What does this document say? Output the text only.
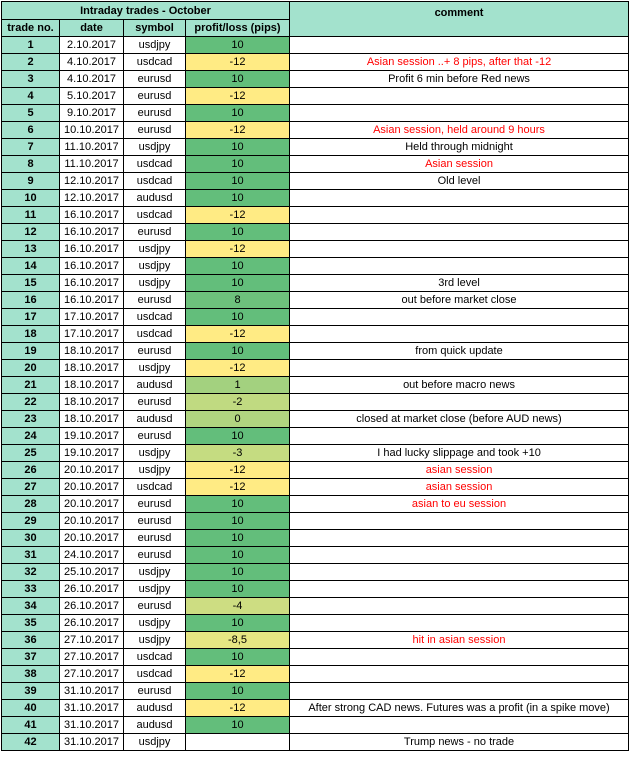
Intraday trades - October				comment
trade no.	date	symbol	profit/loss (pips)	
1	2.10.2017	usdjpy	10	
2	4.10.2017	usdcad	-12	Asian session ..+ 8 pips, after that -12
3	4.10.2017	eurusd	10	Profit 6 min before Red news
4	5.10.2017	eurusd	-12	
5	9.10.2017	eurusd	10	
6	10.10.2017	eurusd	-12	Asian session, held around 9 hours
7	11.10.2017	usdjpy	10	Held through midnight
8	11.10.2017	usdcad	10	Asian session
9	12.10.2017	usdcad	10	Old level
10	12.10.2017	audusd	10	
11	16.10.2017	usdcad	-12	
12	16.10.2017	eurusd	10	
13	16.10.2017	usdjpy	-12	
14	16.10.2017	usdjpy	10	
15	16.10.2017	usdjpy	10	3rd level
16	16.10.2017	eurusd	8	out before market close
17	17.10.2017	usdcad	10	
18	17.10.2017	usdcad	-12	
19	18.10.2017	eurusd	10	from quick update
20	18.10.2017	usdjpy	-12	
21	18.10.2017	audusd	1	out before macro news
22	18.10.2017	eurusd	-2	
23	18.10.2017	audusd	0	closed at market close (before AUD news)
24	19.10.2017	eurusd	10	
25	19.10.2017	usdjpy	-3	I had lucky slippage and took +10
26	20.10.2017	usdjpy	-12	asian session
27	20.10.2017	usdcad	-12	asian session
28	20.10.2017	eurusd	10	asian to eu session
29	20.10.2017	eurusd	10	
30	20.10.2017	eurusd	10	
31	24.10.2017	eurusd	10	
32	25.10.2017	usdjpy	10	
33	26.10.2017	usdjpy	10	
34	26.10.2017	eurusd	-4	
35	26.10.2017	usdjpy	10	
36	27.10.2017	usdjpy	-8,5	hit in asian session
37	27.10.2017	usdcad	10	
38	27.10.2017	usdcad	-12	
39	31.10.2017	eurusd	10	
40	31.10.2017	audusd	-12	After strong CAD news. Futures was a profit (in a spike move)
41	31.10.2017	audusd	10	
42	31.10.2017	usdjpy		Trump news - no trade
